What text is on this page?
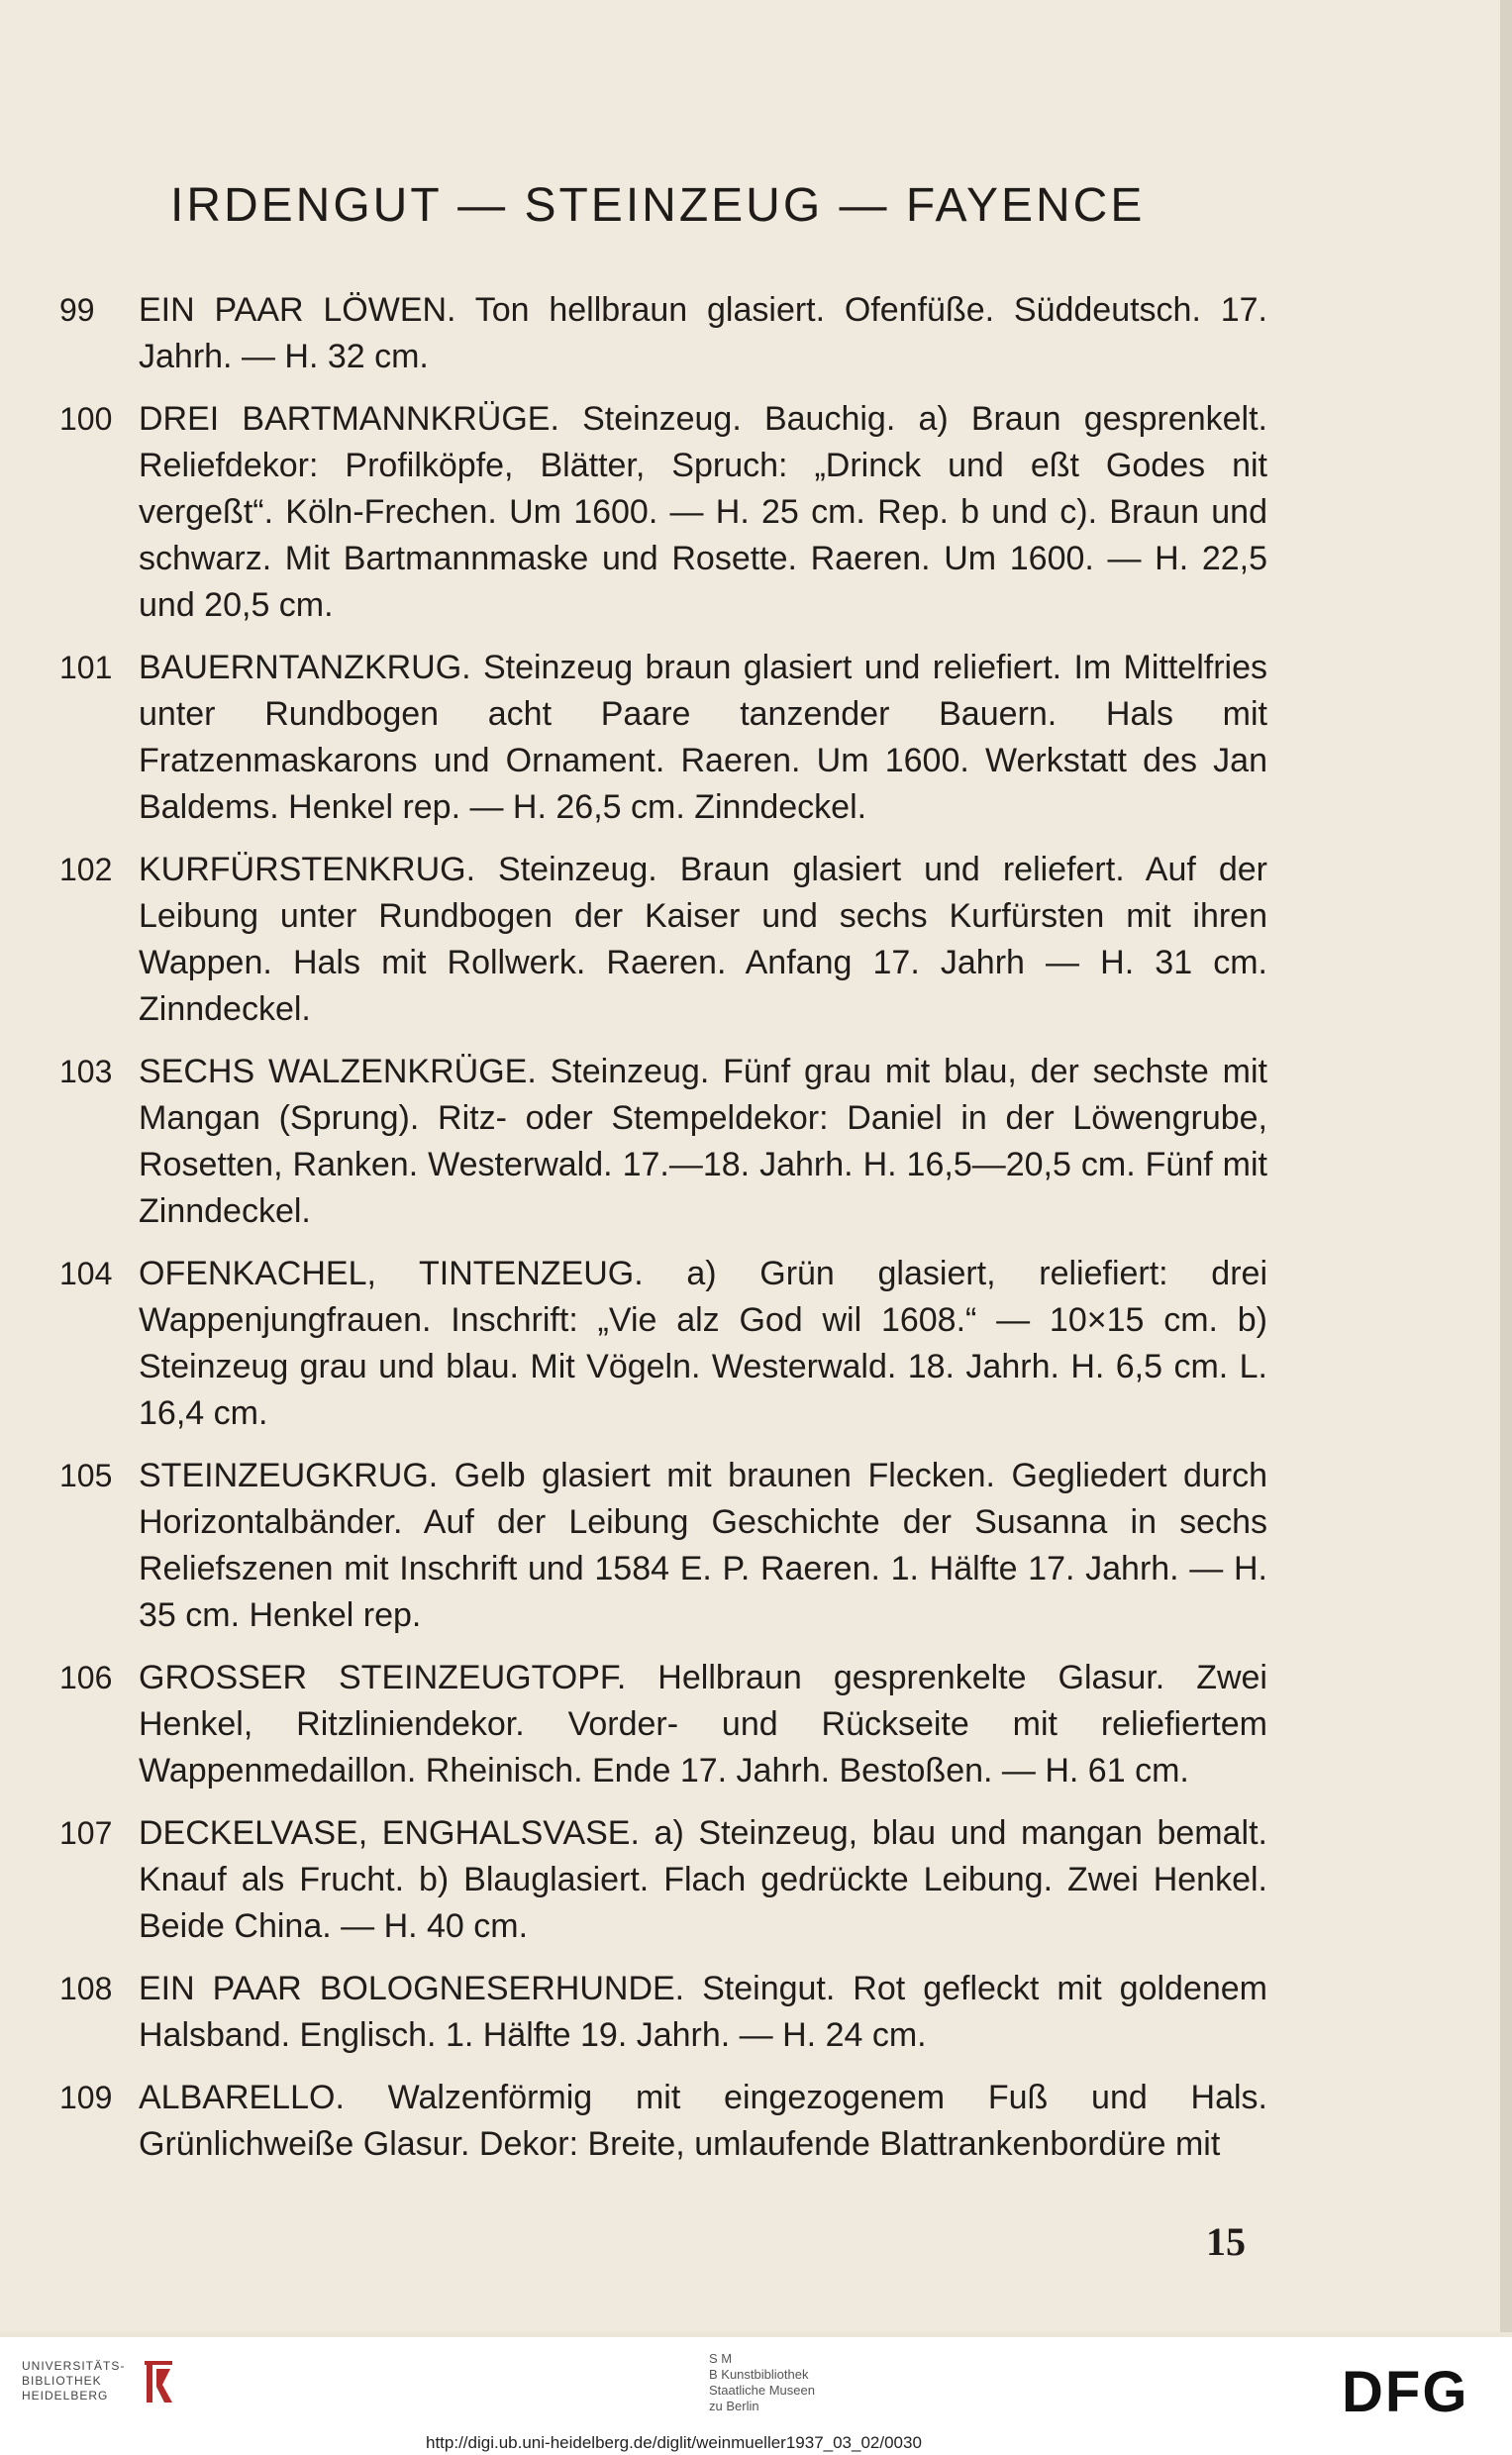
IRDENGUT — STEINZEUG — FAYENCE
99	EIN PAAR LÖWEN. Ton hellbraun glasiert. Ofenfüße. Süddeutsch. 17. Jahrh. — H. 32 cm.
100 DREI BARTMANNKRÜGE. Steinzeug. Bauchig. a) Braun gesprenkelt. Reliefdekor: Profilköpfe, Blätter, Spruch: „Drinck und eßt Godes nit vergeßt“. Köln-Frechen. Um 1600. — H. 25 cm. Rep. b und c). Braun und schwarz. Mit Bartmannmaske und Rosette. Raeren. Um 1600. — H. 22,5 und 20,5 cm.
101 BAUERNTANZKRUG. Steinzeug braun glasiert und reliefiert. Im Mittelfries unter Rundbogen acht Paare tanzender Bauern. Hals mit Fratzenmaskarons und Ornament. Raeren. Um 1600. Werkstatt des Jan Baldems. Henkel rep. — H. 26,5 cm. Zinndeckel.
102 KURFÜRSTENKRUG. Steinzeug. Braun glasiert und reliefert. Auf der Leibung unter Rundbogen der Kaiser und sechs Kurfürsten mit ihren Wappen. Hals mit Rollwerk. Raeren. Anfang 17. Jahrh — H. 31 cm. Zinndeckel.
103 SECHS WALZENKRÜGE. Steinzeug. Fünf grau mit blau, der sechste mit Mangan (Sprung). Ritz- oder Stempeldekor: Daniel in der Löwengrube, Rosetten, Ranken. Westerwald. 17.—18. Jahrh. H. 16,5—20,5 cm. Fünf mit Zinndeckel.
104 OFENKACHEL, TINTENZEUG. a) Grün glasiert, reliefiert: drei Wappenjungfrauen. Inschrift: „Vie alz God wil 1608.“ — 10×15 cm. b) Steinzeug grau und blau. Mit Vögeln. Westerwald. 18. Jahrh. H. 6,5 cm. L. 16,4 cm.
105 STEINZEUGKRUG. Gelb glasiert mit braunen Flecken. Gegliedert durch Horizontalbänder. Auf der Leibung Geschichte der Susanna in sechs Reliefszenen mit Inschrift und 1584 E. P. Raeren. 1. Hälfte 17. Jahrh. — H. 35 cm. Henkel rep.
106 GROSSER STEINZEUGTOPF. Hellbraun gesprenkelte Glasur. Zwei Henkel, Ritzliniendekor. Vorder- und Rückseite mit reliefiertem Wappenmedaillon. Rheinisch. Ende 17. Jahrh. Bestoßen. — H. 61 cm.
107 DECKELVASE, ENGHALSVASE. a) Steinzeug, blau und mangan bemalt. Knauf als Frucht. b) Blauglasiert. Flach gedrückte Leibung. Zwei Henkel. Beide China. — H. 40 cm.
108 EIN PAAR BOLOGNESERHUNDE. Steingut. Rot gefleckt mit goldenem Halsband. Englisch. 1. Hälfte 19. Jahrh. — H. 24 cm.
109 ALBARELLO. Walzenförmig mit eingezogenem Fuß und Hals. Grünlichweiße Glasur. Dekor: Breite, umlaufende Blattrankenbordüre mit
15
UNIVERSITÄTS-
BIBLIOTHEK
HEIDELBERG
S M
B Kunstbibliothek
Staatliche Museen
zu Berlin	DFG
http://digi.ub.uni-heidelberg.de/diglit/weinmueller1937_03_02/0030
